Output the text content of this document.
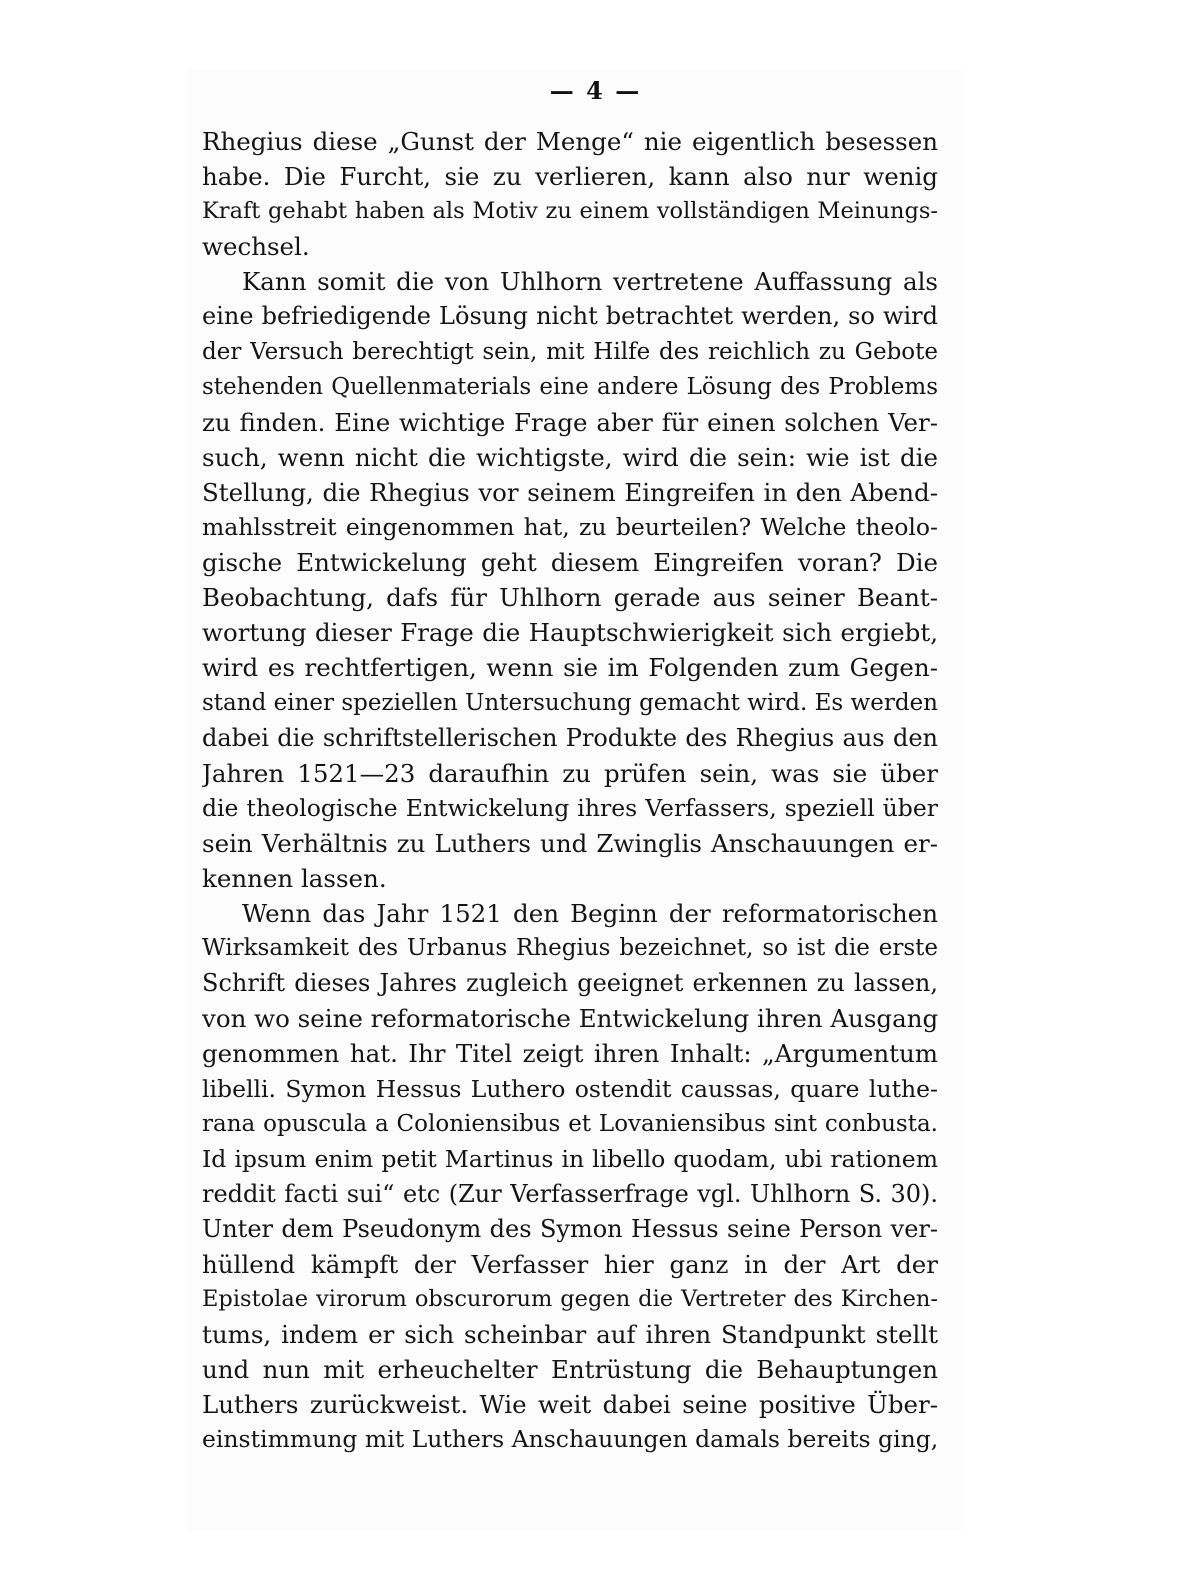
— 4 —
Rhegius diese „Gunst der Menge“ nie eigentlich besessen
habe. Die Furcht, sie zu verlieren, kann also nur wenig
Kraft gehabt haben als Motiv zu einem vollständigen Meinungs-
wechsel.
Kann somit die von Uhlhorn vertretene Auffassung als
eine befriedigende Lösung nicht betrachtet werden, so wird
der Versuch berechtigt sein, mit Hilfe des reichlich zu Gebote
stehenden Quellenmaterials eine andere Lösung des Problems
zu finden. Eine wichtige Frage aber für einen solchen Ver-
such, wenn nicht die wichtigste, wird die sein: wie ist die
Stellung, die Rhegius vor seinem Eingreifen in den Abend-
mahlsstreit eingenommen hat, zu beurteilen? Welche theolo-
gische Entwickelung geht diesem Eingreifen voran? Die
Beobachtung, dafs für Uhlhorn gerade aus seiner Beant-
wortung dieser Frage die Hauptschwierigkeit sich ergiebt,
wird es rechtfertigen, wenn sie im Folgenden zum Gegen-
stand einer speziellen Untersuchung gemacht wird. Es werden
dabei die schriftstellerischen Produkte des Rhegius aus den
Jahren 1521—23 daraufhin zu prüfen sein, was sie über
die theologische Entwickelung ihres Verfassers, speziell über
sein Verhältnis zu Luthers und Zwinglis Anschauungen er-
kennen lassen.
Wenn das Jahr 1521 den Beginn der reformatorischen
Wirksamkeit des Urbanus Rhegius bezeichnet, so ist die erste
Schrift dieses Jahres zugleich geeignet erkennen zu lassen,
von wo seine reformatorische Entwickelung ihren Ausgang
genommen hat. Ihr Titel zeigt ihren Inhalt: „Argumentum
libelli. Symon Hessus Luthero ostendit caussas, quare luthe-
rana opuscula a Coloniensibus et Lovaniensibus sint conbusta.
Id ipsum enim petit Martinus in libello quodam, ubi rationem
reddit facti sui“ etc (Zur Verfasserfrage vgl. Uhlhorn S. 30).
Unter dem Pseudonym des Symon Hessus seine Person ver-
hüllend kämpft der Verfasser hier ganz in der Art der
Epistolae virorum obscurorum gegen die Vertreter des Kirchen-
tums, indem er sich scheinbar auf ihren Standpunkt stellt
und nun mit erheuchelter Entrüstung die Behauptungen
Luthers zurückweist. Wie weit dabei seine positive Über-
einstimmung mit Luthers Anschauungen damals bereits ging,
